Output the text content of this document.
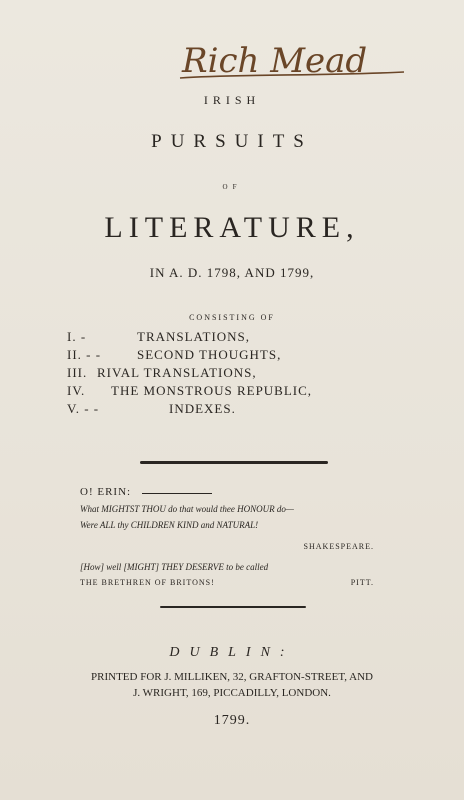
Rich Mead
IRISH
PURSUITS
OF
LITERATURE,
IN A. D. 1798, AND 1799,
CONSISTING OF
I. -	TRANSLATIONS,
II. - -	SECOND THOUGHTS,
III. RIVAL TRANSLATIONS,
IV.	THE MONSTROUS REPUBLIC,
V. - -	INDEXES.
O! ERIN:
What MIGHTST THOU do that would thee HONOUR do—
Were ALL thy CHILDREN KIND and NATURAL!
SHAKESPEARE.
[How] well [MIGHT] THEY DESERVE to be called
THE BRETHREN OF BRITONS!	PITT.
DUBLIN:
PRINTED FOR J. MILLIKEN, 32, GRAFTON-STREET, AND
J. WRIGHT, 169, PICCADILLY, LONDON.
1799.
